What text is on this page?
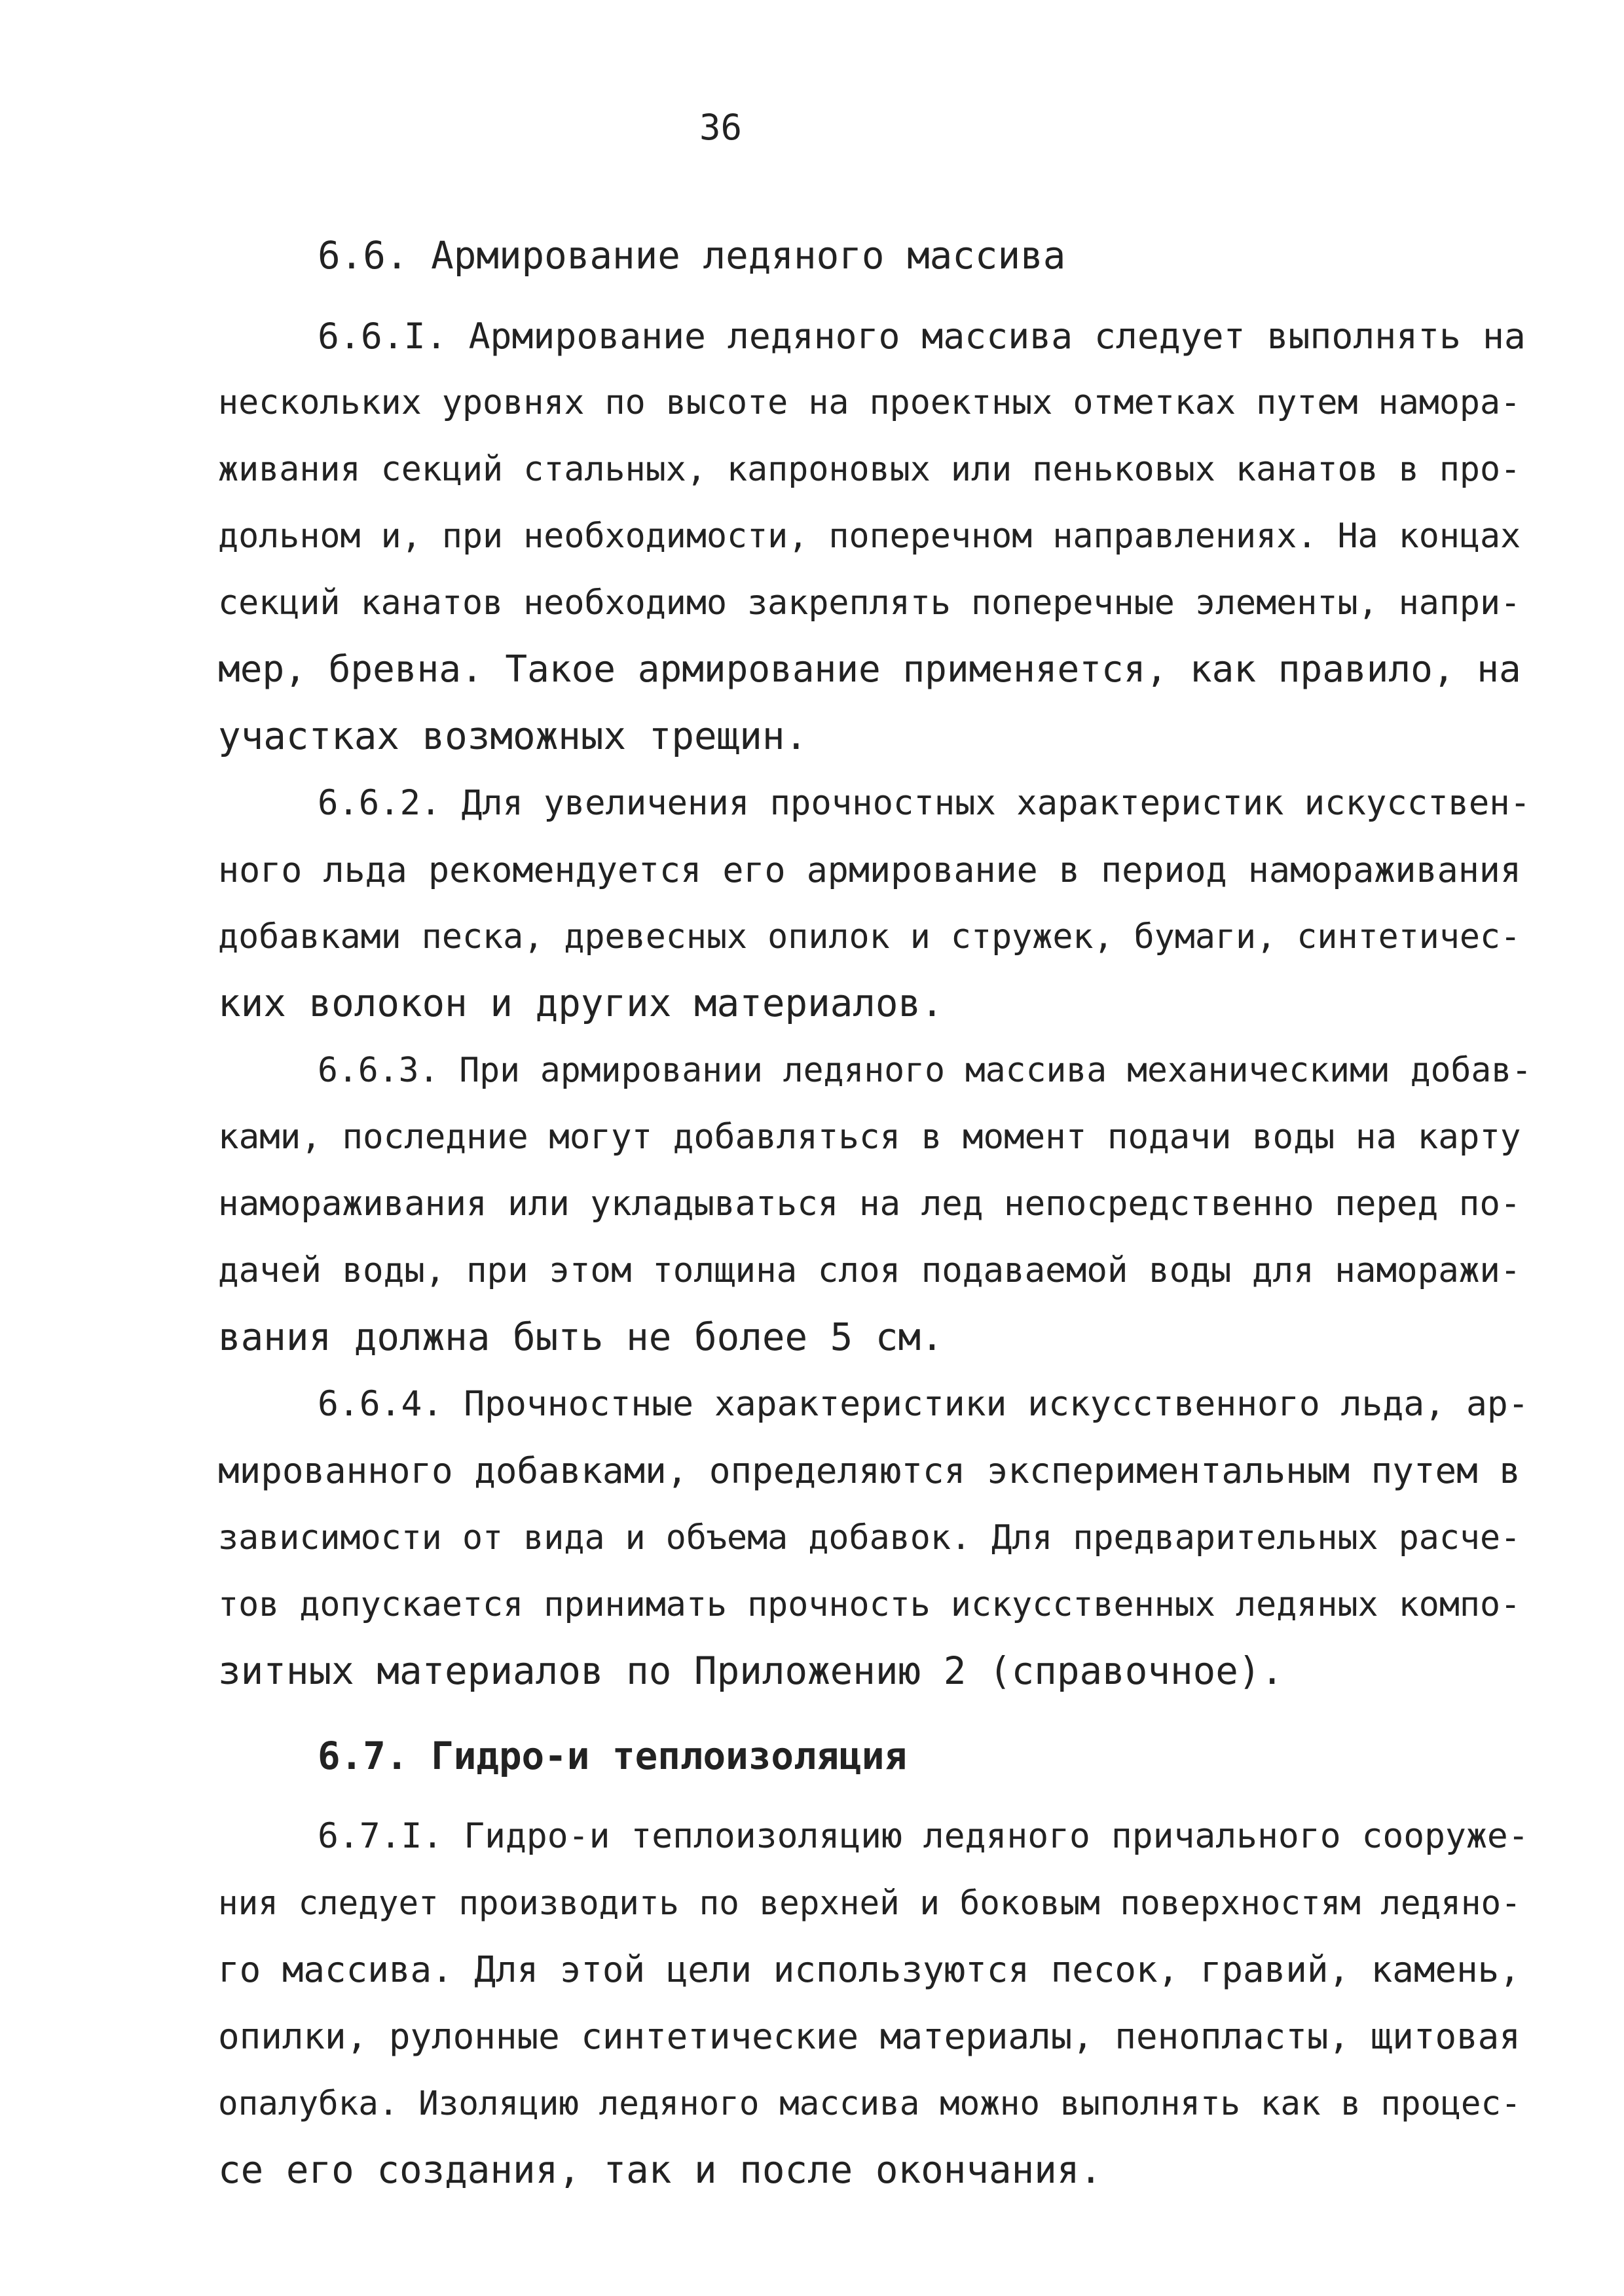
36
6.6. Армирование ледяного массива
6.6.I. Армирование ледяного массива следует выполнять на
нескольких уровнях по высоте на проектных отметках путем намора-
живания секций стальных, капроновых или пеньковых канатов в про-
дольном и, при необходимости, поперечном направлениях. На концах
секций канатов необходимо закреплять поперечные элементы, напри-
мер, бревна. Такое армирование применяется, как правило, на
участках возможных трещин.
6.6.2. Для увеличения прочностных характеристик искусствен-
ного льда рекомендуется его армирование в период намораживания
добавками песка, древесных опилок и стружек, бумаги, синтетичес-
ких волокон и других материалов.
6.6.3. При армировании ледяного массива механическими добав-
ками, последние могут добавляться в момент подачи воды на карту
намораживания или укладываться на лед непосредственно перед по-
дачей воды, при этом толщина слоя подаваемой воды для наморажи-
вания должна быть не более 5 см.
6.6.4. Прочностные характеристики искусственного льда, ар-
мированного добавками, определяются экспериментальным путем в
зависимости от вида и объема добавок. Для предварительных расче-
тов допускается принимать прочность искусственных ледяных компо-
зитных материалов по Приложению 2 (справочное).
6.7. Гидро-и теплоизоляция
6.7.I. Гидро-и теплоизоляцию ледяного причального сооруже-
ния следует производить по верхней и боковым поверхностям ледяно-
го массива. Для этой цели используются песок, гравий, камень,
опилки, рулонные синтетические материалы, пенопласты, щитовая
опалубка. Изоляцию ледяного массива можно выполнять как в процес-
се его создания, так и после окончания.
